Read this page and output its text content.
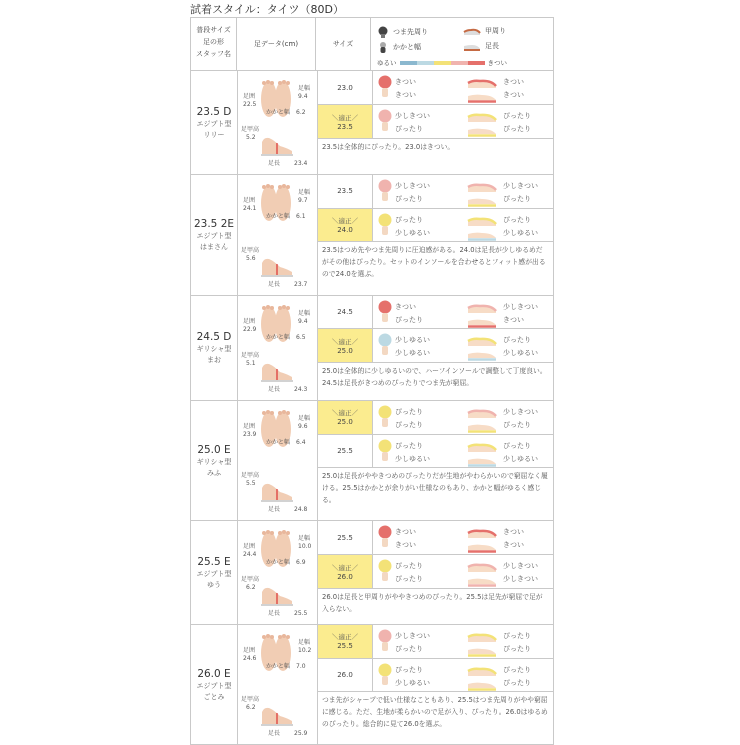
試着スタイル：タイツ（80D）
普段サイズ
足の形
スタッフ名
足データ(cm)	サイズ
つま先周り
かかと幅
甲周り
足長
ゆるい	きつい
23.5 D
エジプト型
リリー
足幅
9.4
足囲
22.5
かかと幅 6.2
足甲高
5.2
足長 23.4
23.0
きつい
きつい
きつい
きつい
＼適正／
23.5
少しきつい
ぴったり
ぴったり
ぴったり
23.5は全体的にぴったり。23.0はきつい。
23.5 2E
エジプト型
はまさん
足幅
9.7
足囲
24.1
かかと幅 6.1
足甲高
5.6
足長 23.7
23.5
少しきつい
ぴったり
少しきつい
ぴったり
＼適正／
24.0
ぴったり
少しゆるい
ぴったり
少しゆるい
23.5はつめ先やつま先周りに圧迫感がある。24.0は足長が少しゆるめだがその他はぴったり。セットのインソールを合わせるとフィット感が出るので24.0を選ぶ。
24.5 D
ギリシャ型
まお
足幅
9.4
足囲
22.9
かかと幅 6.5
足甲高
5.1
足長 24.3
24.5
きつい
ぴったり
少しきつい
きつい
＼適正／
25.0
少しゆるい
少しゆるい
ぴったり
少しゆるい
25.0は全体的に少しゆるいので、ハーフインソールで調整して丁度良い。24.5は足長がきつめのぴったりでつま先が窮屈。
25.0 E
ギリシャ型
みふ
足幅
9.6
足囲
23.9
かかと幅 6.4
足甲高
5.5
足長 24.8
＼適正／
25.0
ぴったり
ぴったり
少しきつい
ぴったり
25.5
ぴったり
少しゆるい
ぴったり
少しゆるい
25.0は足長がややきつめのぴったりだが生地がやわらかいので窮屈なく履ける。25.5はかかとが余りがい仕様なのもあり、かかと幅がゆるく感じる。
25.5 E
エジプト型
ゆう
足幅
10.0
足囲
24.4
かかと幅 6.9
足甲高
6.2
足長 25.5
25.5
きつい
きつい
きつい
きつい
＼適正／
26.0
ぴったり
ぴったり
少しきつい
少しきつい
26.0は足長と甲周りがややきつめのぴったり。25.5は足先が窮屈で足が入らない。
26.0 E
エジプト型
ごとみ
足幅
10.2
足囲
24.6
かかと幅 7.0
足甲高
6.2
足長 25.9
＼適正／
25.5
少しきつい
ぴったり
ぴったり
ぴったり
26.0
ぴったり
少しゆるい
ぴったり
ぴったり
つま先がシャープで低い仕様なこともあり、25.5はつま先周りがやや窮屈に感じる。ただ、生地が柔らかいので足が入り、ぴったり。26.0はゆるめのぴったり。総合的に見て26.0を選ぶ。
